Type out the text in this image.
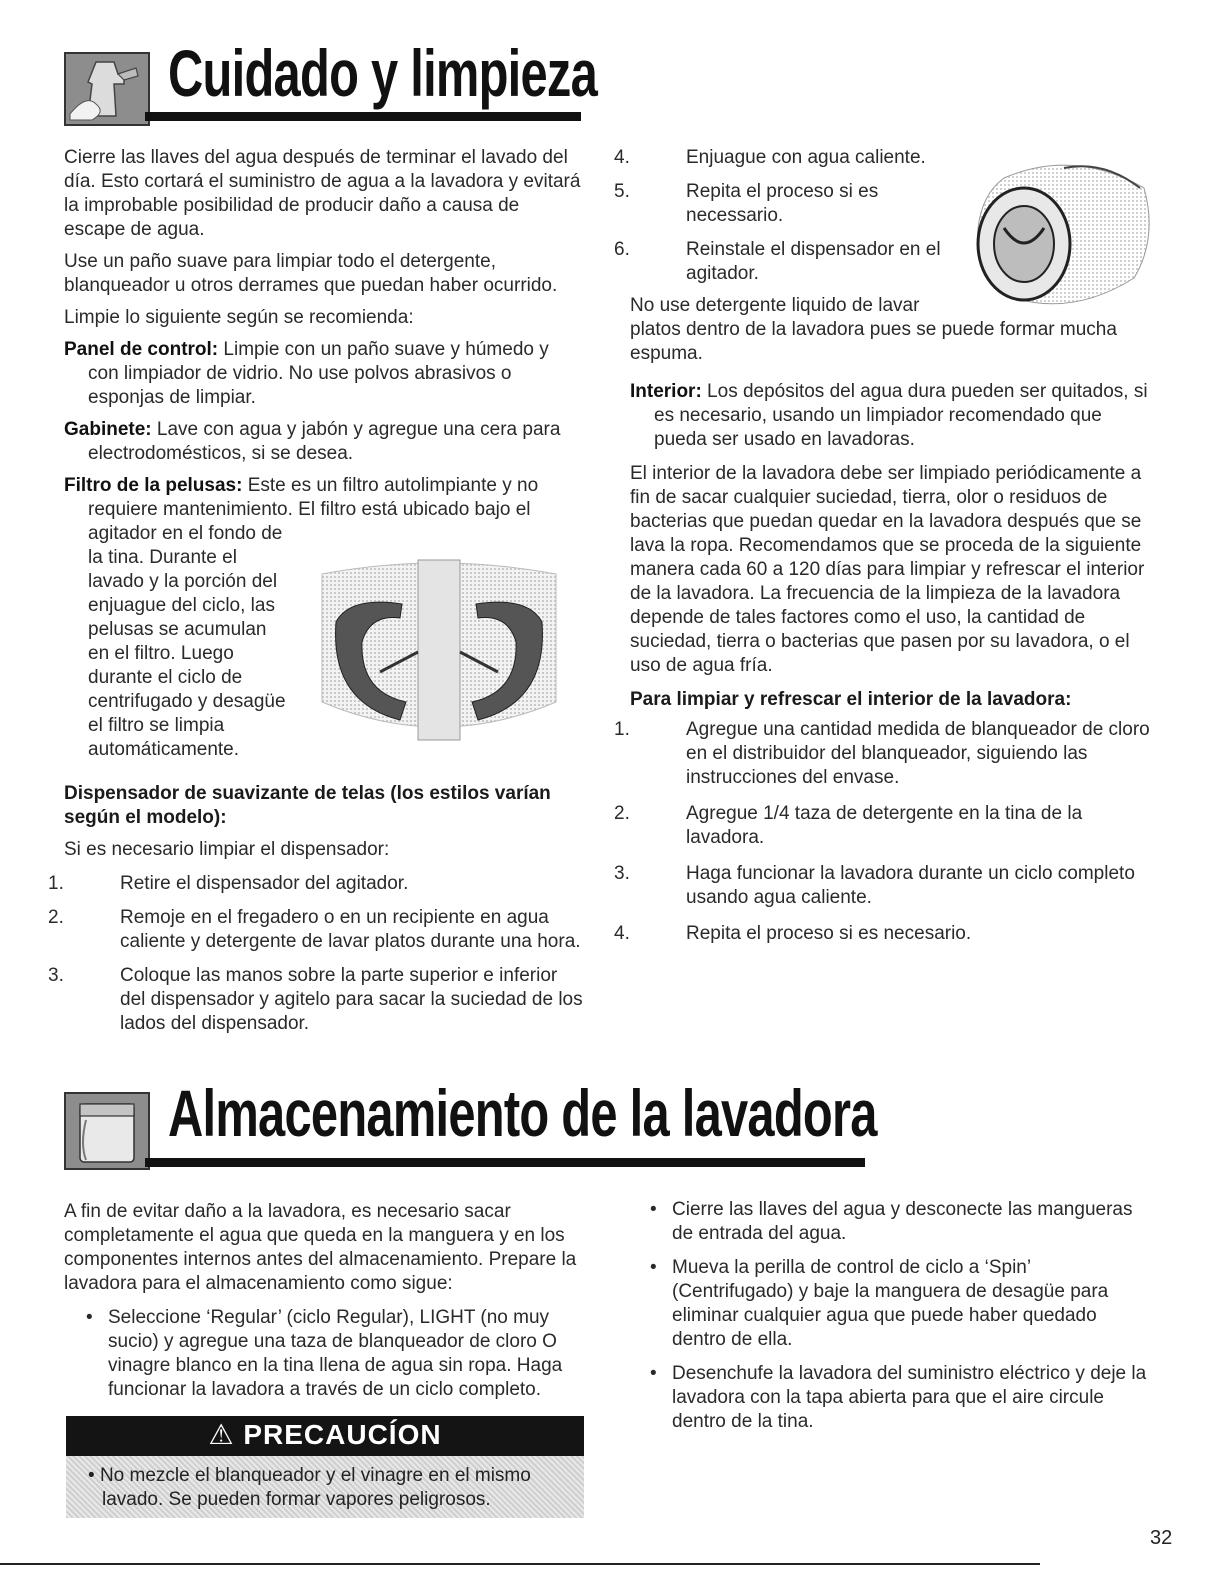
Cuidado y limpieza

Cierre las llaves del agua después de terminar el lavado del día. Esto cortará el suministro de agua a la lavadora y evitará la improbable posibilidad de producir daño a causa de escape de agua.

Use un paño suave para limpiar todo el detergente, blanqueador u otros derrames que puedan haber ocurrido.

Limpie lo siguiente según se recomienda:

Panel de control: Limpie con un paño suave y húmedo y con limpiador de vidrio. No use polvos abrasivos o esponjas de limpiar.

Gabinete: Lave con agua y jabón y agregue una cera para electrodomésticos, si se desea.

Filtro de la pelusas: Este es un filtro autolimpiante y no requiere mantenimiento. El filtro está ubicado bajo el

agitador en el fondo de
la tina. Durante el
lavado y la porción del
enjuague del ciclo, las
pelusas se acumulan
en el filtro. Luego
durante el ciclo de
centrifugado y desagüe
el filtro se limpia
automáticamente.

Dispensador de suavizante de telas (los estilos varían según el modelo):

Si es necesario limpiar el dispensador:

1.	Retire el dispensador del agitador.
2.	Remoje en el fregadero o en un recipiente en agua caliente y detergente de lavar platos durante una hora.
3.	Coloque las manos sobre la parte superior e inferior del dispensador y agitelo para sacar la suciedad de los lados del dispensador.
4.	Enjuague con agua caliente.
5.	Repita el proceso si es necessario.
6.	Reinstale el dispensador en el agitador.

No use detergente liquido de lavar
platos dentro de la lavadora pues se puede formar mucha espuma.

Interior: Los depósitos del agua dura pueden ser quitados, si es necesario, usando un limpiador recomendado que pueda ser usado en lavadoras.

El interior de la lavadora debe ser limpiado periódicamente a fin de sacar cualquier suciedad, tierra, olor o residuos de bacterias que puedan quedar en la lavadora después que se lava la ropa. Recomendamos que se proceda de la siguiente manera cada 60 a 120 días para limpiar y refrescar el interior de la lavadora. La frecuencia de la limpieza de la lavadora depende de tales factores como el uso, la cantidad de suciedad, tierra o bacterias que pasen por su lavadora, o el uso de agua fría.

Para limpiar y refrescar el interior de la lavadora:

1.	Agregue una cantidad medida de blanqueador de cloro en el distribuidor del blanqueador, siguiendo las instrucciones del envase.
2.	Agregue 1/4 taza de detergente en la tina de la lavadora.
3.	Haga funcionar la lavadora durante un ciclo completo usando agua caliente.
4.	Repita el proceso si es necesario.
Almacenamiento de la lavadora

A fin de evitar daño a la lavadora, es necesario sacar completamente el agua que queda en la manguera y en los componentes internos antes del almacenamiento. Prepare la lavadora para el almacenamiento como sigue:

• Seleccione ‘Regular’ (ciclo Regular), LIGHT (no muy sucio) y agregue una taza de blanqueador de cloro O vinagre blanco en la tina llena de agua sin ropa. Haga funcionar la lavadora a través de un ciclo completo.
⚠ PRECAUCÍON
• No mezcle el blanqueador y el vinagre en el mismo lavado. Se pueden formar vapores peligrosos.
• Cierre las llaves del agua y desconecte las mangueras de entrada del agua.
• Mueva la perilla de control de ciclo a ‘Spin’ (Centrifugado) y baje la manguera de desagüe para eliminar cualquier agua que puede haber quedado dentro de ella.
• Desenchufe la lavadora del suministro eléctrico y deje la lavadora con la tapa abierta para que el aire circule dentro de la tina.
32
